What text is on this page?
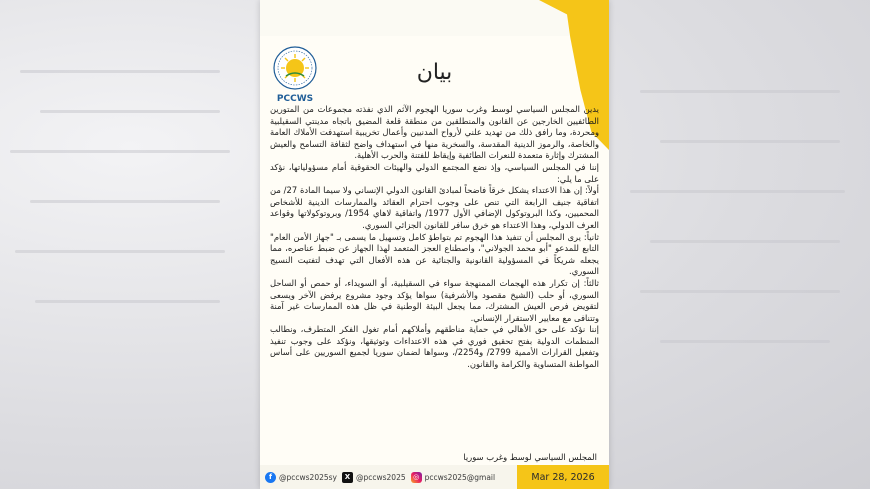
PCCWS
بيان

يدين المجلس السياسي لوسط وغرب سوريا الهجوم الآثم الذي نفذته مجموعات من المتورين الطائفيين الخارجين عن القانون والمنطلقين من منطقة قلعة المضيق باتجاه مدينتي السقيلبية ومحردة، وما رافق ذلك من تهديد علني لأرواح المدنيين وأعمال تخريبية استهدفت الأملاك العامة والخاصة، والرموز الدينية المقدسة، والسخرية منها في استهداف واضح لثقافة التسامح والعيش المشترك وإثارة متعمدة للنعرات الطائفية وإيقاظ للفتنة والحرب الأهلية.

إننا في المجلس السياسي، وإذ نضع المجتمع الدولي والهيئات الحقوقية أمام مسؤولياتها، نؤكد على ما يلي:

أولاً: إن هذا الاعتداء يشكل خرقاً فاضحاً لمبادئ القانون الدولي الإنساني ولا سيما المادة 27/ من اتفاقية جنيف الرابعة التي تنص على وجوب احترام العقائد والممارسات الدينية للأشخاص المحميين، وكذا البروتوكول الإضافي الأول 1977/ واتفاقية لاهاي 1954/ وبروتوكولاتها وقواعد العرف الدولي، وهذا الاعتداء هو خرق سافر للقانون الجزائي السوري.

ثانياً: يرى المجلس أن تنفيذ هذا الهجوم تم بتواطؤ كامل وتسهيل ما يسمى بـ "جهاز الأمن العام" التابع للمدعو "أبو محمد الجولاني"، واصطناع العجز المتعمد لهذا الجهاز عن ضبط عناصره، مما يجعله شريكاً في المسؤولية القانونية والجنائية عن هذه الأفعال التي تهدف لتفتيت النسيج السوري.

ثالثاً: إن تكرار هذه الهجمات الممنهجة سواء في السقيلبية، أو السويداء، أو حمص أو الساحل السوري، أو حلب (الشيخ مقصود والأشرفية) سواها يؤكد وجود مشروع يرفض الآخر ويسعى لتقويض فرص العيش المشترك، مما يجعل البيئة الوطنية في ظل هذه الممارسات غير آمنة وتتنافى مع معايير الاستقرار الإنساني.

إننا نؤكد على حق الأهالي في حماية مناطقهم وأملاكهم أمام تغول الفكر المتطرف، ونطالب المنظمات الدولية بفتح تحقيق فوري في هذه الاعتداءات وتوثيقها، ونؤكد على وجوب تنفيذ وتفعيل القرارات الأممية 2799/ و2254/، وسواها لضمان سوريا لجميع السوريين على أساس المواطنة المتساوية والكرامة والقانون.

المجلس السياسي لوسط وغرب سوريا
f @pccws2025sy	X @pccws2025	◎ pccws2025@gmail	Mar 28, 2026
